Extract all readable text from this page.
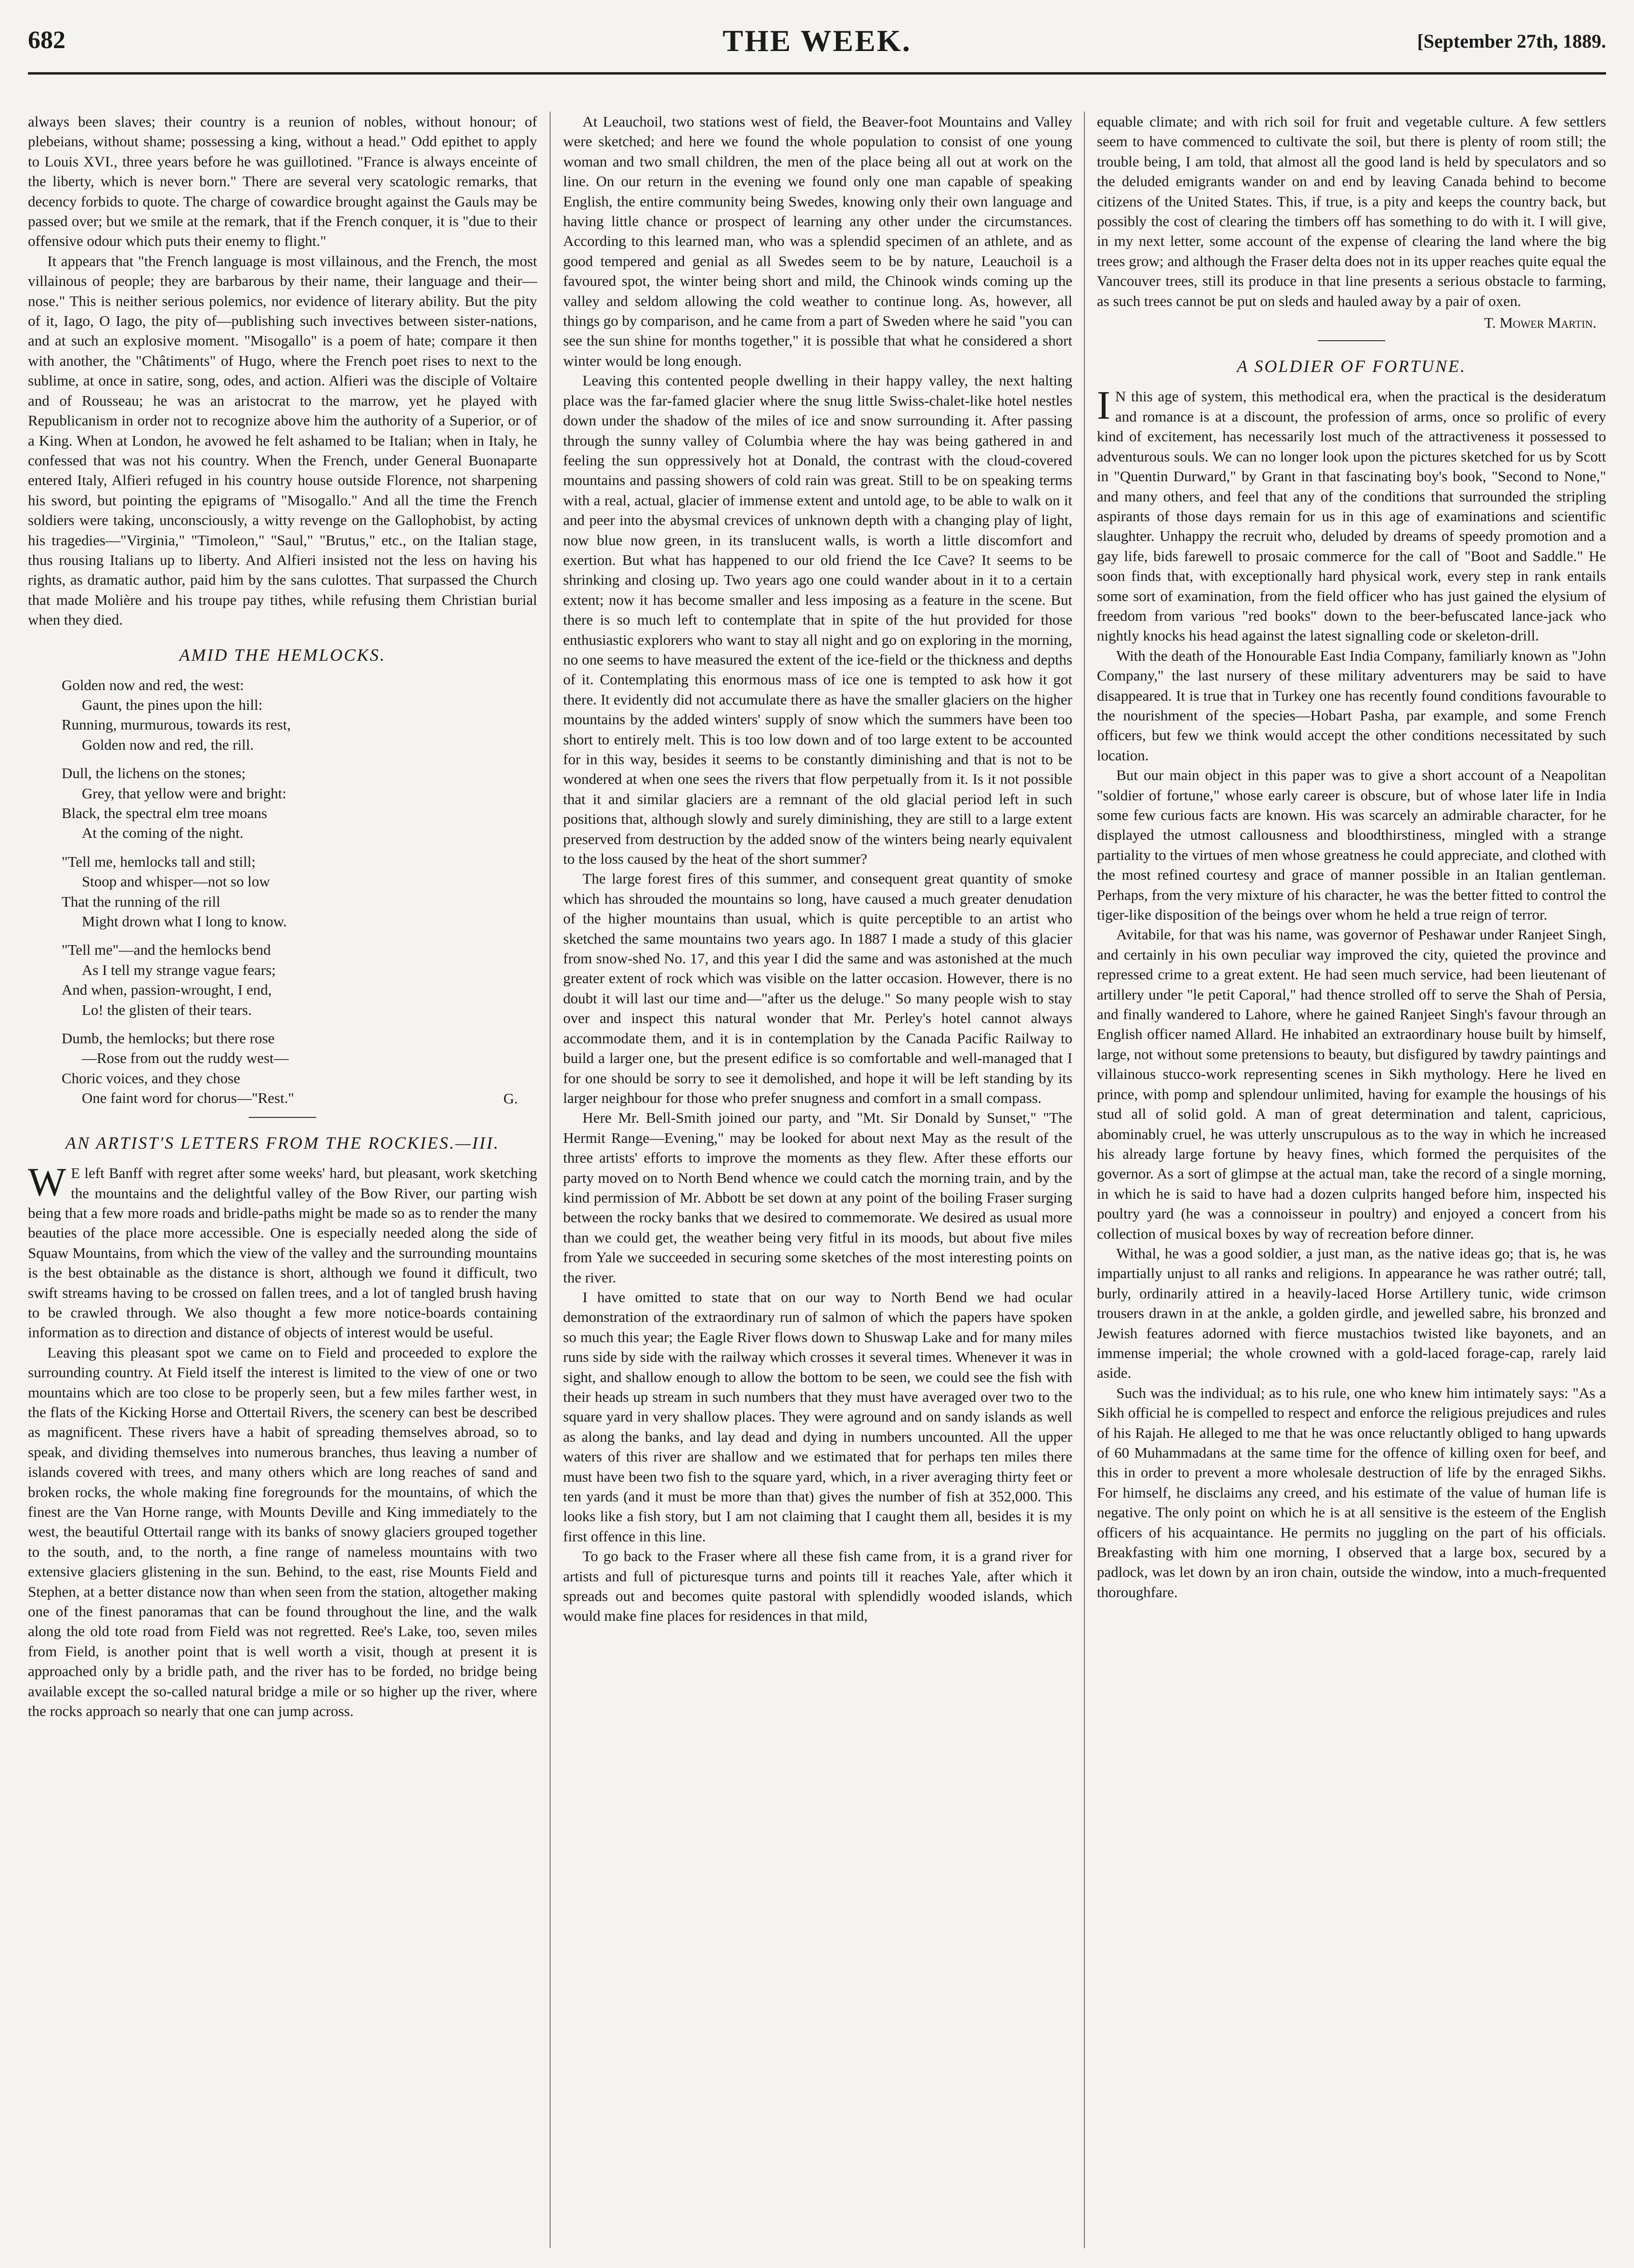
682	THE WEEK.	[September 27th, 1889.

always been slaves; their country is a reunion of nobles, without honour; of plebeians, without shame; possessing a king, without a head." Odd epithet to apply to Louis XVI., three years before he was guillotined. "France is always enceinte of the liberty, which is never born." There are several very scatologic remarks, that decency forbids to quote. The charge of cowardice brought against the Gauls may be passed over; but we smile at the remark, that if the French conquer, it is "due to their offensive odour which puts their enemy to flight."

It appears that "the French language is most villainous, and the French, the most villainous of people; they are barbarous by their name, their language and their—nose." This is neither serious polemics, nor evidence of literary ability. But the pity of it, Iago, O Iago, the pity of—publishing such invectives between sister-nations, and at such an explosive moment. "Misogallo" is a poem of hate; compare it then with another, the "Châtiments" of Hugo, where the French poet rises to next to the sublime, at once in satire, song, odes, and action. Alfieri was the disciple of Voltaire and of Rousseau; he was an aristocrat to the marrow, yet he played with Republicanism in order not to recognize above him the authority of a Superior, or of a King. When at London, he avowed he felt ashamed to be Italian; when in Italy, he confessed that was not his country. When the French, under General Buonaparte entered Italy, Alfieri refuged in his country house outside Florence, not sharpening his sword, but pointing the epigrams of "Misogallo." And all the time the French soldiers were taking, unconsciously, a witty revenge on the Gallophobist, by acting his tragedies—"Virginia," "Timoleon," "Saul," "Brutus," etc., on the Italian stage, thus rousing Italians up to liberty. And Alfieri insisted not the less on having his rights, as dramatic author, paid him by the sans culottes. That surpassed the Church that made Molière and his troupe pay tithes, while refusing them Christian burial when they died.

AMID THE HEMLOCKS.
Golden now and red, the west:
Gaunt, the pines upon the hill:
Running, murmurous, towards its rest,
Golden now and red, the rill.
Dull, the lichens on the stones;
Grey, that yellow were and bright:
Black, the spectral elm tree moans
At the coming of the night.
"Tell me, hemlocks tall and still;
Stoop and whisper—not so low
That the running of the rill
Might drown what I long to know.
"Tell me"—and the hemlocks bend
As I tell my strange vague fears;
And when, passion-wrought, I end,
Lo! the glisten of their tears.
Dumb, the hemlocks; but there rose
—Rose from out the ruddy west—
Choric voices, and they chose
One faint word for chorus—"Rest."	G.
AN ARTIST'S LETTERS FROM THE ROCKIES.—III.

W E left Banff with regret after some weeks' hard, but pleasant, work sketching the mountains and the delightful valley of the Bow River, our parting wish being that a few more roads and bridle-paths might be made so as to render the many beauties of the place more accessible. One is especially needed along the side of Squaw Mountains, from which the view of the valley and the surrounding mountains is the best obtainable as the distance is short, although we found it difficult, two swift streams having to be crossed on fallen trees, and a lot of tangled brush having to be crawled through. We also thought a few more notice-boards containing information as to direction and distance of objects of interest would be useful.

Leaving this pleasant spot we came on to Field and proceeded to explore the surrounding country. At Field itself the interest is limited to the view of one or two mountains which are too close to be properly seen, but a few miles farther west, in the flats of the Kicking Horse and Ottertail Rivers, the scenery can best be described as magnificent. These rivers have a habit of spreading themselves abroad, so to speak, and dividing themselves into numerous branches, thus leaving a number of islands covered with trees, and many others which are long reaches of sand and broken rocks, the whole making fine foregrounds for the mountains, of which the finest are the Van Horne range, with Mounts Deville and King immediately to the west, the beautiful Ottertail range with its banks of snowy glaciers grouped together to the south, and, to the north, a fine range of nameless mountains with two extensive glaciers glistening in the sun. Behind, to the east, rise Mounts Field and Stephen, at a better distance now than when seen from the station, altogether making one of the finest panoramas that can be found throughout the line, and the walk along the old tote road from Field was not regretted. Ree's Lake, too, seven miles from Field, is another point that is well worth a visit, though at present it is approached only by a bridle path, and the river has to be forded, no bridge being available except the so-called natural bridge a mile or so higher up the river, where the rocks approach so nearly that one can jump across.

At Leauchoil, two stations west of field, the Beaver-foot Mountains and Valley were sketched; and here we found the whole population to consist of one young woman and two small children, the men of the place being all out at work on the line. On our return in the evening we found only one man capable of speaking English, the entire community being Swedes, knowing only their own language and having little chance or prospect of learning any other under the circumstances. According to this learned man, who was a splendid specimen of an athlete, and as good tempered and genial as all Swedes seem to be by nature, Leauchoil is a favoured spot, the winter being short and mild, the Chinook winds coming up the valley and seldom allowing the cold weather to continue long. As, however, all things go by comparison, and he came from a part of Sweden where he said "you can see the sun shine for months together," it is possible that what he considered a short winter would be long enough.

Leaving this contented people dwelling in their happy valley, the next halting place was the far-famed glacier where the snug little Swiss-chalet-like hotel nestles down under the shadow of the miles of ice and snow surrounding it. After passing through the sunny valley of Columbia where the hay was being gathered in and feeling the sun oppressively hot at Donald, the contrast with the cloud-covered mountains and passing showers of cold rain was great. Still to be on speaking terms with a real, actual, glacier of immense extent and untold age, to be able to walk on it and peer into the abysmal crevices of unknown depth with a changing play of light, now blue now green, in its translucent walls, is worth a little discomfort and exertion. But what has happened to our old friend the Ice Cave? It seems to be shrinking and closing up. Two years ago one could wander about in it to a certain extent; now it has become smaller and less imposing as a feature in the scene. But there is so much left to contemplate that in spite of the hut provided for those enthusiastic explorers who want to stay all night and go on exploring in the morning, no one seems to have measured the extent of the ice-field or the thickness and depths of it. Contemplating this enormous mass of ice one is tempted to ask how it got there. It evidently did not accumulate there as have the smaller glaciers on the higher mountains by the added winters' supply of snow which the summers have been too short to entirely melt. This is too low down and of too large extent to be accounted for in this way, besides it seems to be constantly diminishing and that is not to be wondered at when one sees the rivers that flow perpetually from it. Is it not possible that it and similar glaciers are a remnant of the old glacial period left in such positions that, although slowly and surely diminishing, they are still to a large extent preserved from destruction by the added snow of the winters being nearly equivalent to the loss caused by the heat of the short summer?

The large forest fires of this summer, and consequent great quantity of smoke which has shrouded the mountains so long, have caused a much greater denudation of the higher mountains than usual, which is quite perceptible to an artist who sketched the same mountains two years ago. In 1887 I made a study of this glacier from snow-shed No. 17, and this year I did the same and was astonished at the much greater extent of rock which was visible on the latter occasion. However, there is no doubt it will last our time and—"after us the deluge." So many people wish to stay over and inspect this natural wonder that Mr. Perley's hotel cannot always accommodate them, and it is in contemplation by the Canada Pacific Railway to build a larger one, but the present edifice is so comfortable and well-managed that I for one should be sorry to see it demolished, and hope it will be left standing by its larger neighbour for those who prefer snugness and comfort in a small compass.

Here Mr. Bell-Smith joined our party, and "Mt. Sir Donald by Sunset," "The Hermit Range—Evening," may be looked for about next May as the result of the three artists' efforts to improve the moments as they flew. After these efforts our party moved on to North Bend whence we could catch the morning train, and by the kind permission of Mr. Abbott be set down at any point of the boiling Fraser surging between the rocky banks that we desired to commemorate. We desired as usual more than we could get, the weather being very fitful in its moods, but about five miles from Yale we succeeded in securing some sketches of the most interesting points on the river.

I have omitted to state that on our way to North Bend we had ocular demonstration of the extraordinary run of salmon of which the papers have spoken so much this year; the Eagle River flows down to Shuswap Lake and for many miles runs side by side with the railway which crosses it several times. Whenever it was in sight, and shallow enough to allow the bottom to be seen, we could see the fish with their heads up stream in such numbers that they must have averaged over two to the square yard in very shallow places. They were aground and on sandy islands as well as along the banks, and lay dead and dying in numbers uncounted. All the upper waters of this river are shallow and we estimated that for perhaps ten miles there must have been two fish to the square yard, which, in a river averaging thirty feet or ten yards (and it must be more than that) gives the number of fish at 352,000. This looks like a fish story, but I am not claiming that I caught them all, besides it is my first offence in this line.

To go back to the Fraser where all these fish came from, it is a grand river for artists and full of picturesque turns and points till it reaches Yale, after which it spreads out and becomes quite pastoral with splendidly wooded islands, which would make fine places for residences in that mild,

equable climate; and with rich soil for fruit and vegetable culture. A few settlers seem to have commenced to cultivate the soil, but there is plenty of room still; the trouble being, I am told, that almost all the good land is held by speculators and so the deluded emigrants wander on and end by leaving Canada behind to become citizens of the United States. This, if true, is a pity and keeps the country back, but possibly the cost of clearing the timbers off has something to do with it. I will give, in my next letter, some account of the expense of clearing the land where the big trees grow; and although the Fraser delta does not in its upper reaches quite equal the Vancouver trees, still its produce in that line presents a serious obstacle to farming, as such trees cannot be put on sleds and hauled away by a pair of oxen.

T. Mower Martin.
A SOLDIER OF FORTUNE.

I N this age of system, this methodical era, when the practical is the desideratum and romance is at a discount, the profession of arms, once so prolific of every kind of excitement, has necessarily lost much of the attractiveness it possessed to adventurous souls. We can no longer look upon the pictures sketched for us by Scott in "Quentin Durward," by Grant in that fascinating boy's book, "Second to None," and many others, and feel that any of the conditions that surrounded the stripling aspirants of those days remain for us in this age of examinations and scientific slaughter. Unhappy the recruit who, deluded by dreams of speedy promotion and a gay life, bids farewell to prosaic commerce for the call of "Boot and Saddle." He soon finds that, with exceptionally hard physical work, every step in rank entails some sort of examination, from the field officer who has just gained the elysium of freedom from various "red books" down to the beer-befuscated lance-jack who nightly knocks his head against the latest signalling code or skeleton-drill.

With the death of the Honourable East India Company, familiarly known as "John Company," the last nursery of these military adventurers may be said to have disappeared. It is true that in Turkey one has recently found conditions favourable to the nourishment of the species—Hobart Pasha, par example, and some French officers, but few we think would accept the other conditions necessitated by such location.

But our main object in this paper was to give a short account of a Neapolitan "soldier of fortune," whose early career is obscure, but of whose later life in India some few curious facts are known. His was scarcely an admirable character, for he displayed the utmost callousness and bloodthirstiness, mingled with a strange partiality to the virtues of men whose greatness he could appreciate, and clothed with the most refined courtesy and grace of manner possible in an Italian gentleman. Perhaps, from the very mixture of his character, he was the better fitted to control the tiger-like disposition of the beings over whom he held a true reign of terror.

Avitabile, for that was his name, was governor of Peshawar under Ranjeet Singh, and certainly in his own peculiar way improved the city, quieted the province and repressed crime to a great extent. He had seen much service, had been lieutenant of artillery under "le petit Caporal," had thence strolled off to serve the Shah of Persia, and finally wandered to Lahore, where he gained Ranjeet Singh's favour through an English officer named Allard. He inhabited an extraordinary house built by himself, large, not without some pretensions to beauty, but disfigured by tawdry paintings and villainous stucco-work representing scenes in Sikh mythology. Here he lived en prince, with pomp and splendour unlimited, having for example the housings of his stud all of solid gold. A man of great determination and talent, capricious, abominably cruel, he was utterly unscrupulous as to the way in which he increased his already large fortune by heavy fines, which formed the perquisites of the governor. As a sort of glimpse at the actual man, take the record of a single morning, in which he is said to have had a dozen culprits hanged before him, inspected his poultry yard (he was a connoisseur in poultry) and enjoyed a concert from his collection of musical boxes by way of recreation before dinner.

Withal, he was a good soldier, a just man, as the native ideas go; that is, he was impartially unjust to all ranks and religions. In appearance he was rather outré; tall, burly, ordinarily attired in a heavily-laced Horse Artillery tunic, wide crimson trousers drawn in at the ankle, a golden girdle, and jewelled sabre, his bronzed and Jewish features adorned with fierce mustachios twisted like bayonets, and an immense imperial; the whole crowned with a gold-laced forage-cap, rarely laid aside.

Such was the individual; as to his rule, one who knew him intimately says: "As a Sikh official he is compelled to respect and enforce the religious prejudices and rules of his Rajah. He alleged to me that he was once reluctantly obliged to hang upwards of 60 Muhammadans at the same time for the offence of killing oxen for beef, and this in order to prevent a more wholesale destruction of life by the enraged Sikhs. For himself, he disclaims any creed, and his estimate of the value of human life is negative. The only point on which he is at all sensitive is the esteem of the English officers of his acquaintance. He permits no juggling on the part of his officials. Breakfasting with him one morning, I observed that a large box, secured by a padlock, was let down by an iron chain, outside the window, into a much-frequented thoroughfare.
